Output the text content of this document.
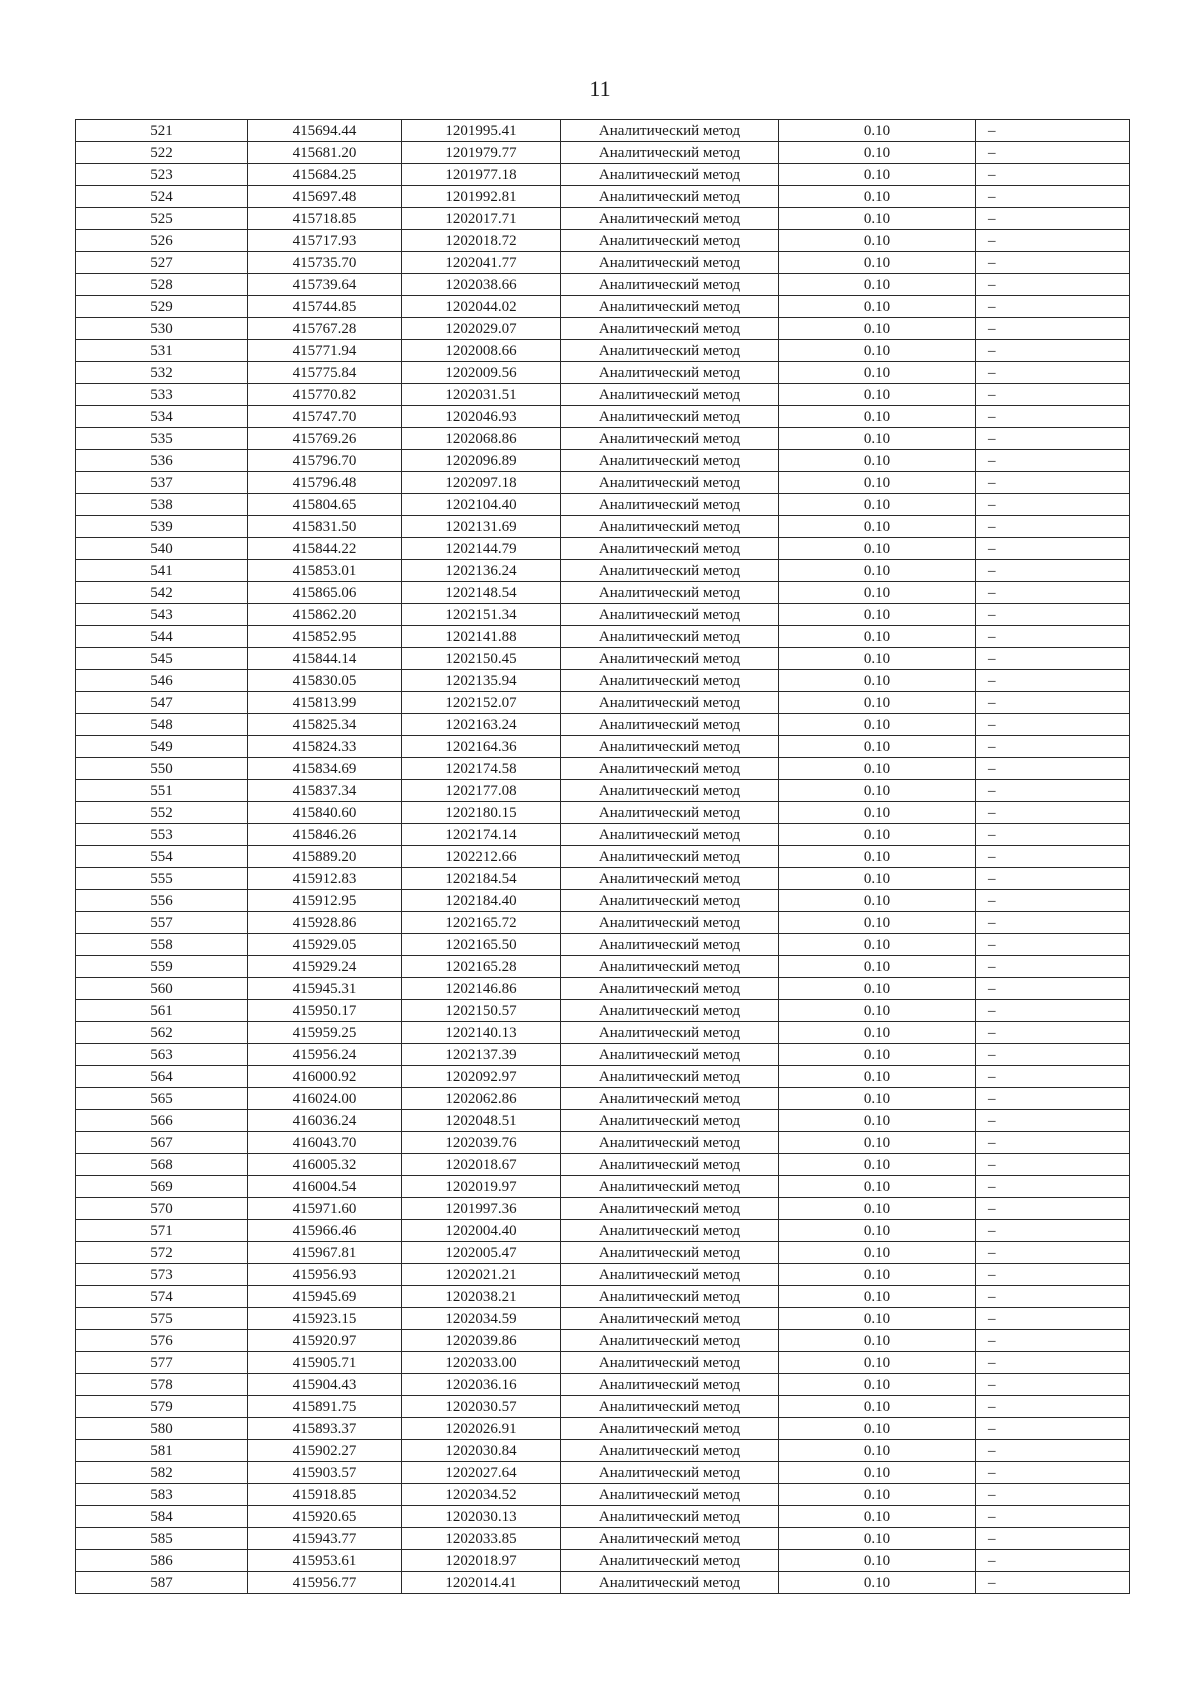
11
521	415694.44	1201995.41	Аналитический метод	0.10	–
522	415681.20	1201979.77	Аналитический метод	0.10	–
523	415684.25	1201977.18	Аналитический метод	0.10	–
524	415697.48	1201992.81	Аналитический метод	0.10	–
525	415718.85	1202017.71	Аналитический метод	0.10	–
526	415717.93	1202018.72	Аналитический метод	0.10	–
527	415735.70	1202041.77	Аналитический метод	0.10	–
528	415739.64	1202038.66	Аналитический метод	0.10	–
529	415744.85	1202044.02	Аналитический метод	0.10	–
530	415767.28	1202029.07	Аналитический метод	0.10	–
531	415771.94	1202008.66	Аналитический метод	0.10	–
532	415775.84	1202009.56	Аналитический метод	0.10	–
533	415770.82	1202031.51	Аналитический метод	0.10	–
534	415747.70	1202046.93	Аналитический метод	0.10	–
535	415769.26	1202068.86	Аналитический метод	0.10	–
536	415796.70	1202096.89	Аналитический метод	0.10	–
537	415796.48	1202097.18	Аналитический метод	0.10	–
538	415804.65	1202104.40	Аналитический метод	0.10	–
539	415831.50	1202131.69	Аналитический метод	0.10	–
540	415844.22	1202144.79	Аналитический метод	0.10	–
541	415853.01	1202136.24	Аналитический метод	0.10	–
542	415865.06	1202148.54	Аналитический метод	0.10	–
543	415862.20	1202151.34	Аналитический метод	0.10	–
544	415852.95	1202141.88	Аналитический метод	0.10	–
545	415844.14	1202150.45	Аналитический метод	0.10	–
546	415830.05	1202135.94	Аналитический метод	0.10	–
547	415813.99	1202152.07	Аналитический метод	0.10	–
548	415825.34	1202163.24	Аналитический метод	0.10	–
549	415824.33	1202164.36	Аналитический метод	0.10	–
550	415834.69	1202174.58	Аналитический метод	0.10	–
551	415837.34	1202177.08	Аналитический метод	0.10	–
552	415840.60	1202180.15	Аналитический метод	0.10	–
553	415846.26	1202174.14	Аналитический метод	0.10	–
554	415889.20	1202212.66	Аналитический метод	0.10	–
555	415912.83	1202184.54	Аналитический метод	0.10	–
556	415912.95	1202184.40	Аналитический метод	0.10	–
557	415928.86	1202165.72	Аналитический метод	0.10	–
558	415929.05	1202165.50	Аналитический метод	0.10	–
559	415929.24	1202165.28	Аналитический метод	0.10	–
560	415945.31	1202146.86	Аналитический метод	0.10	–
561	415950.17	1202150.57	Аналитический метод	0.10	–
562	415959.25	1202140.13	Аналитический метод	0.10	–
563	415956.24	1202137.39	Аналитический метод	0.10	–
564	416000.92	1202092.97	Аналитический метод	0.10	–
565	416024.00	1202062.86	Аналитический метод	0.10	–
566	416036.24	1202048.51	Аналитический метод	0.10	–
567	416043.70	1202039.76	Аналитический метод	0.10	–
568	416005.32	1202018.67	Аналитический метод	0.10	–
569	416004.54	1202019.97	Аналитический метод	0.10	–
570	415971.60	1201997.36	Аналитический метод	0.10	–
571	415966.46	1202004.40	Аналитический метод	0.10	–
572	415967.81	1202005.47	Аналитический метод	0.10	–
573	415956.93	1202021.21	Аналитический метод	0.10	–
574	415945.69	1202038.21	Аналитический метод	0.10	–
575	415923.15	1202034.59	Аналитический метод	0.10	–
576	415920.97	1202039.86	Аналитический метод	0.10	–
577	415905.71	1202033.00	Аналитический метод	0.10	–
578	415904.43	1202036.16	Аналитический метод	0.10	–
579	415891.75	1202030.57	Аналитический метод	0.10	–
580	415893.37	1202026.91	Аналитический метод	0.10	–
581	415902.27	1202030.84	Аналитический метод	0.10	–
582	415903.57	1202027.64	Аналитический метод	0.10	–
583	415918.85	1202034.52	Аналитический метод	0.10	–
584	415920.65	1202030.13	Аналитический метод	0.10	–
585	415943.77	1202033.85	Аналитический метод	0.10	–
586	415953.61	1202018.97	Аналитический метод	0.10	–
587	415956.77	1202014.41	Аналитический метод	0.10	–
